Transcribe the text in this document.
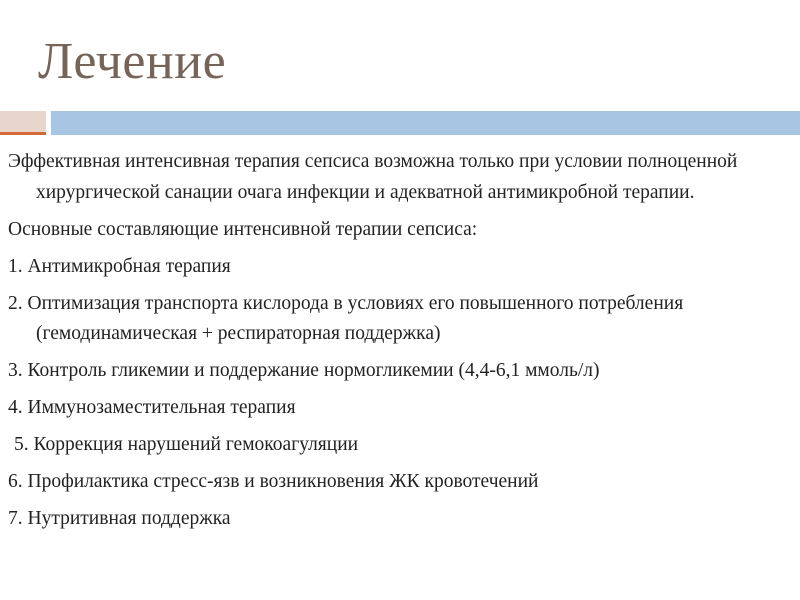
Лечение

Эффективная интенсивная терапия сепсиса возможна только при условии полноценной хирургической санации очага инфекции и адекватной антимикробной терапии.

Основные составляющие интенсивной терапии сепсиса:

1. Антимикробная терапия

2. Оптимизация транспорта кислорода в условиях его повышенного потребления (гемодинамическая + респираторная поддержка)

3. Контроль гликемии и поддержание нормогликемии (4,4-6,1 ммоль/л)

4. Иммунозаместительная терапия

5. Коррекция нарушений гемокоагуляции

6. Профилактика стресс-язв и возникновения ЖК кровотечений

7. Нутритивная поддержка
